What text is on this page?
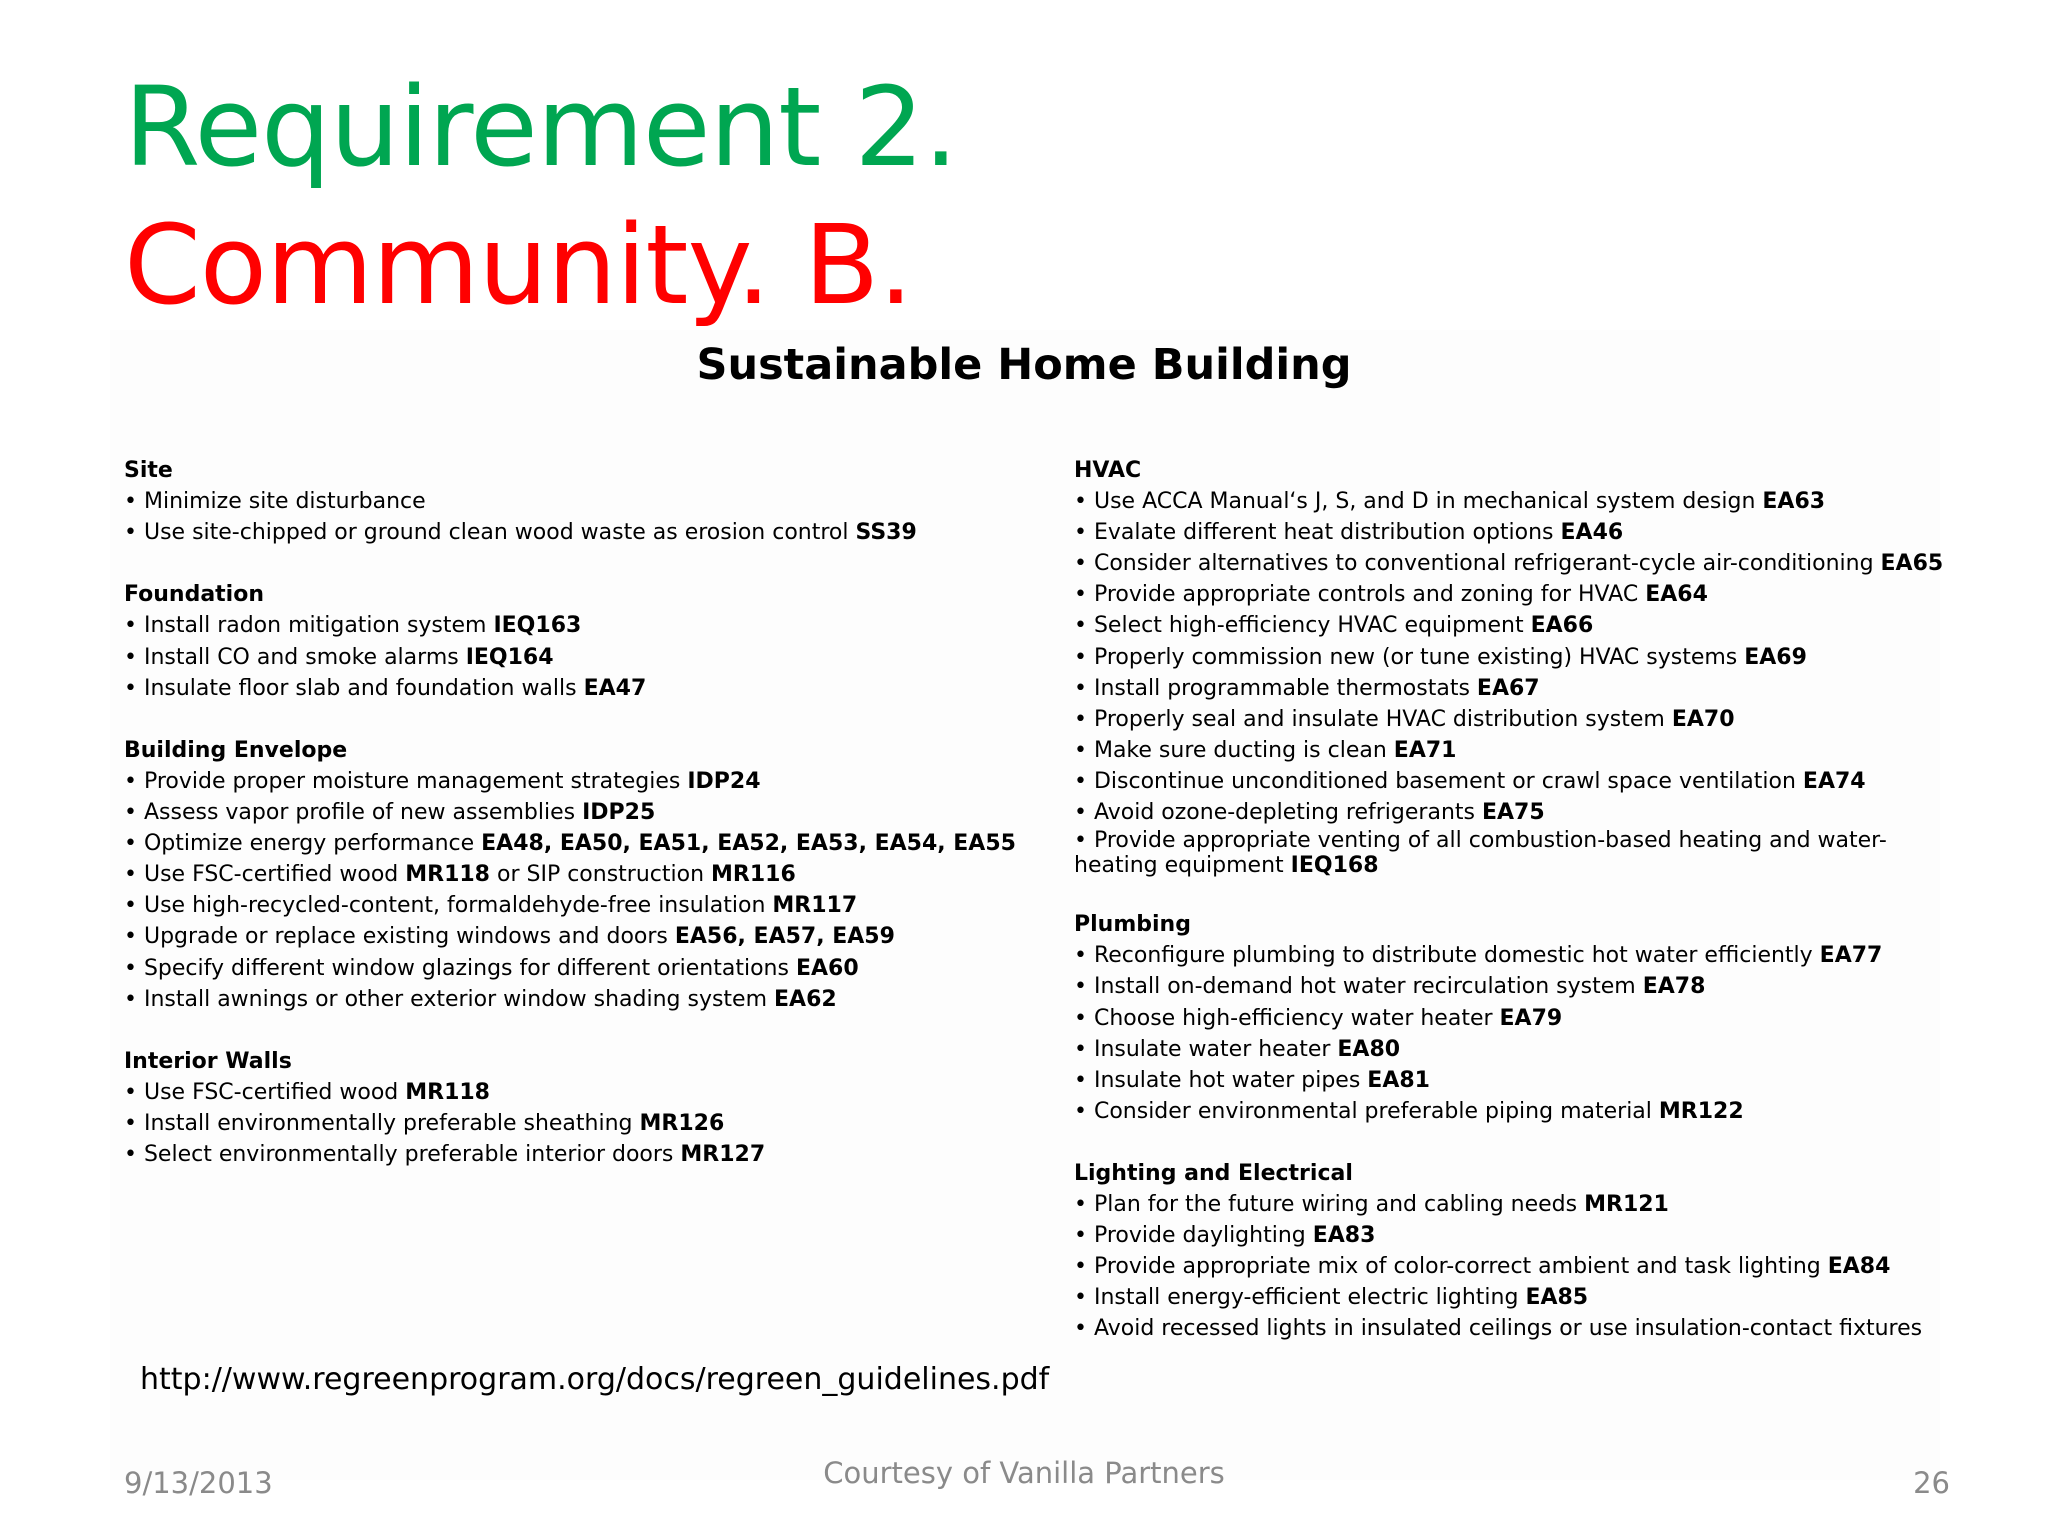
Requirement 2.
Community. B.
Sustainable Home Building
Site
• Minimize site disturbance
• Use site-chipped or ground clean wood waste as erosion control SS39
Foundation
• Install radon mitigation system IEQ163
• Install CO and smoke alarms IEQ164
• Insulate floor slab and foundation walls EA47
Building Envelope
• Provide proper moisture management strategies IDP24
• Assess vapor profile of new assemblies IDP25
• Optimize energy performance EA48, EA50, EA51, EA52, EA53, EA54, EA55
• Use FSC-certified wood MR118 or SIP construction MR116
• Use high-recycled-content, formaldehyde-free insulation MR117
• Upgrade or replace existing windows and doors EA56, EA57, EA59
• Specify different window glazings for different orientations EA60
• Install awnings or other exterior window shading system EA62
Interior Walls
• Use FSC-certified wood MR118
• Install environmentally preferable sheathing MR126
• Select environmentally preferable interior doors MR127
HVAC
• Use ACCA Manual‘s J, S, and D in mechanical system design EA63
• Evalate different heat distribution options EA46
• Consider alternatives to conventional refrigerant-cycle air-conditioning EA65
• Provide appropriate controls and zoning for HVAC EA64
• Select high-efficiency HVAC equipment EA66
• Properly commission new (or tune existing) HVAC systems EA69
• Install programmable thermostats EA67
• Properly seal and insulate HVAC distribution system EA70
• Make sure ducting is clean EA71
• Discontinue unconditioned basement or crawl space ventilation EA74
• Avoid ozone-depleting refrigerants EA75
• Provide appropriate venting of all combustion-based heating and water-heating equipment IEQ168
Plumbing
• Reconfigure plumbing to distribute domestic hot water efficiently EA77
• Install on-demand hot water recirculation system EA78
• Choose high-efficiency water heater EA79
• Insulate water heater EA80
• Insulate hot water pipes EA81
• Consider environmental preferable piping material MR122
Lighting and Electrical
• Plan for the future wiring and cabling needs MR121
• Provide daylighting EA83
• Provide appropriate mix of color-correct ambient and task lighting EA84
• Install energy-efficient electric lighting EA85
• Avoid recessed lights in insulated ceilings or use insulation-contact fixtures
http://www.regreenprogram.org/docs/regreen_guidelines.pdf
9/13/2013	Courtesy of Vanilla Partners	26
